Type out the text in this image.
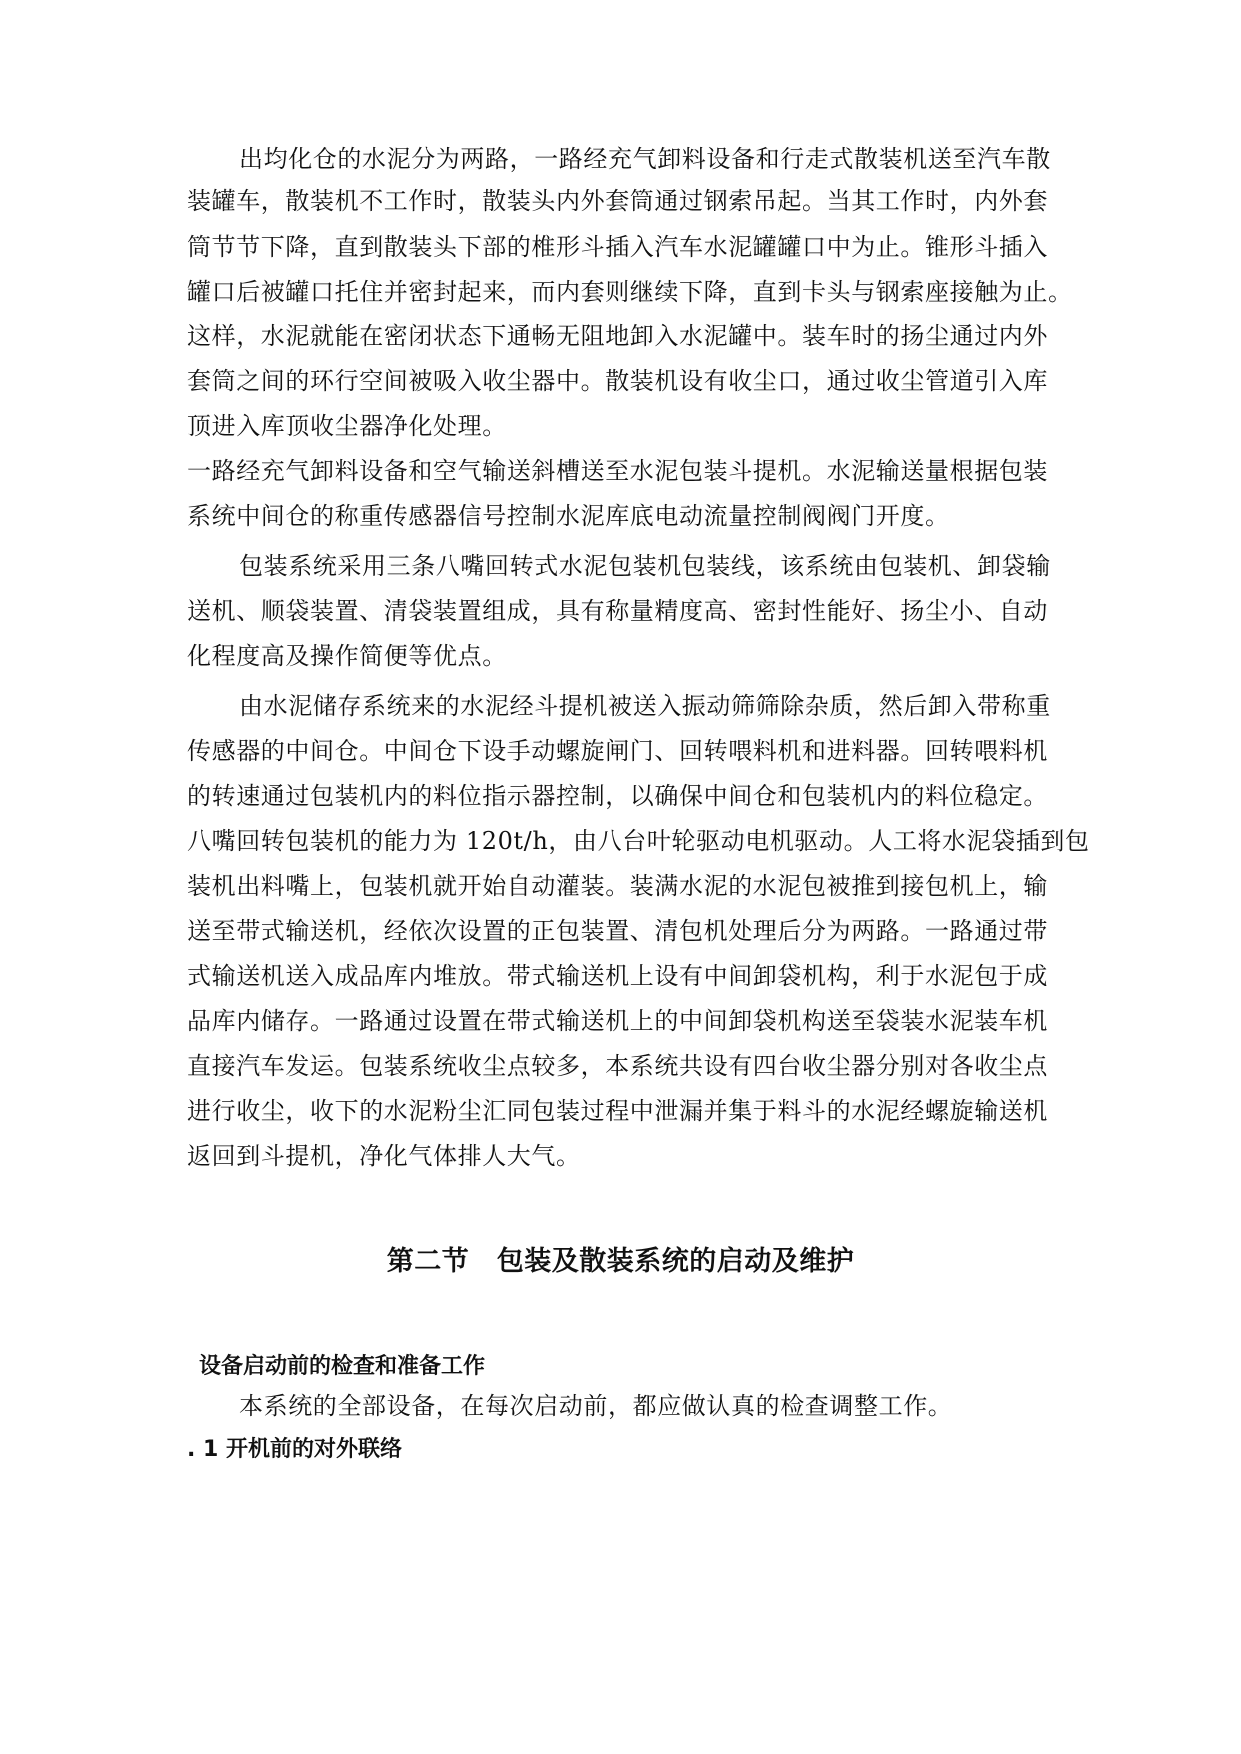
出均化仓的水泥分为两路，一路经充气卸料设备和行走式散装机送至汽车散
装罐车，散装机不工作时，散装头内外套筒通过钢索吊起。当其工作时，内外套
筒节节下降，直到散装头下部的椎形斗插入汽车水泥罐罐口中为止。锥形斗插入
罐口后被罐口托住并密封起来，而内套则继续下降，直到卡头与钢索座接触为止。
这样，水泥就能在密闭状态下通畅无阻地卸入水泥罐中。装车时的扬尘通过内外
套筒之间的环行空间被吸入收尘器中。散装机设有收尘口，通过收尘管道引入库
顶进入库顶收尘器净化处理。
一路经充气卸料设备和空气输送斜槽送至水泥包装斗提机。水泥输送量根据包装
系统中间仓的称重传感器信号控制水泥库底电动流量控制阀阀门开度。
包装系统采用三条八嘴回转式水泥包装机包装线，该系统由包装机、卸袋输
送机、顺袋装置、清袋装置组成，具有称量精度高、密封性能好、扬尘小、自动
化程度高及操作简便等优点。
由水泥储存系统来的水泥经斗提机被送入振动筛筛除杂质，然后卸入带称重
传感器的中间仓。中间仓下设手动螺旋闸门、回转喂料机和进料器。回转喂料机
的转速通过包装机内的料位指示器控制，以确保中间仓和包装机内的料位稳定。
八嘴回转包装机的能力为 120t/h，由八台叶轮驱动电机驱动。人工将水泥袋插到包
装机出料嘴上，包装机就开始自动灌装。装满水泥的水泥包被推到接包机上，输
送至带式输送机，经依次设置的正包装置、清包机处理后分为两路。一路通过带
式输送机送入成品库内堆放。带式输送机上设有中间卸袋机构，利于水泥包于成
品库内储存。一路通过设置在带式输送机上的中间卸袋机构送至袋装水泥装车机
直接汽车发运。包装系统收尘点较多，本系统共设有四台收尘器分别对各收尘点
进行收尘，收下的水泥粉尘汇同包装过程中泄漏并集于料斗的水泥经螺旋输送机
返回到斗提机，净化气体排人大气。
第二节　包装及散装系统的启动及维护
设备启动前的检查和准备工作
本系统的全部设备，在每次启动前，都应做认真的检查调整工作。
. 1 开机前的对外联络
